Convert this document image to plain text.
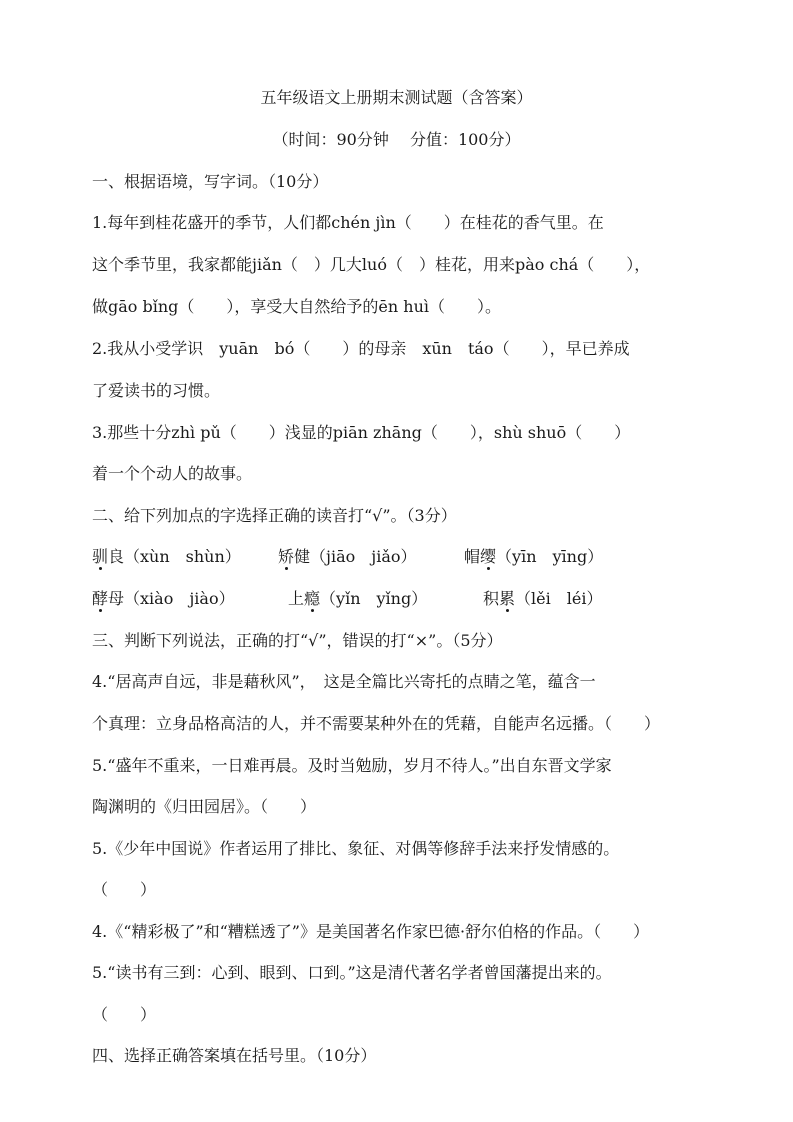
五年级语文上册期末测试题（含答案）
（时间：90分钟　 分值：100分）
一、根据语境，写字词。（10分）
1.每年到桂花盛开的季节，人们都chén jìn（　　）在桂花的香气里。在
这个季节里，我家都能jiǎn（　）几大luó（　）桂花，用来pào chá（　　），
做gāo bǐng（　　），享受大自然给予的ēn huì（　　）。
2.我从小受学识　yuān　bó（　　）的母亲　xūn　táo（　　），早已养成
了爱读书的习惯。
3.那些十分zhì pǔ（　　）浅显的piān zhāng（　　），shù shuō（　　）
着一个个动人的故事。
二、给下列加点的字选择正确的读音打“√”。（3分）
驯良（xùn　shùn） 矫健（jiāo　jiǎo）	帽缨（yīn　yīng）
酵母（xiào　jiào）	上瘾（yǐn　yǐng）	积累（lěi　léi）
三、判断下列说法，正确的打“√”，错误的打“×”。（5分）
4.“居高声自远，非是藉秋风”，　这是全篇比兴寄托的点睛之笔，蕴含一
个真理：立身品格高洁的人，并不需要某种外在的凭藉，自能声名远播。（　　）
5.“盛年不重来，一日难再晨。及时当勉励，岁月不待人。”出自东晋文学家
陶渊明的《归田园居》。（　　）
5.《少年中国说》作者运用了排比、象征、对偶等修辞手法来抒发情感的。
（　　）
4.《“精彩极了”和“糟糕透了”》是美国著名作家巴德·舒尔伯格的作品。（　　）
5.“读书有三到：心到、眼到、口到。”这是清代著名学者曾国藩提出来的。
（　　）
四、选择正确答案填在括号里。（10分）
